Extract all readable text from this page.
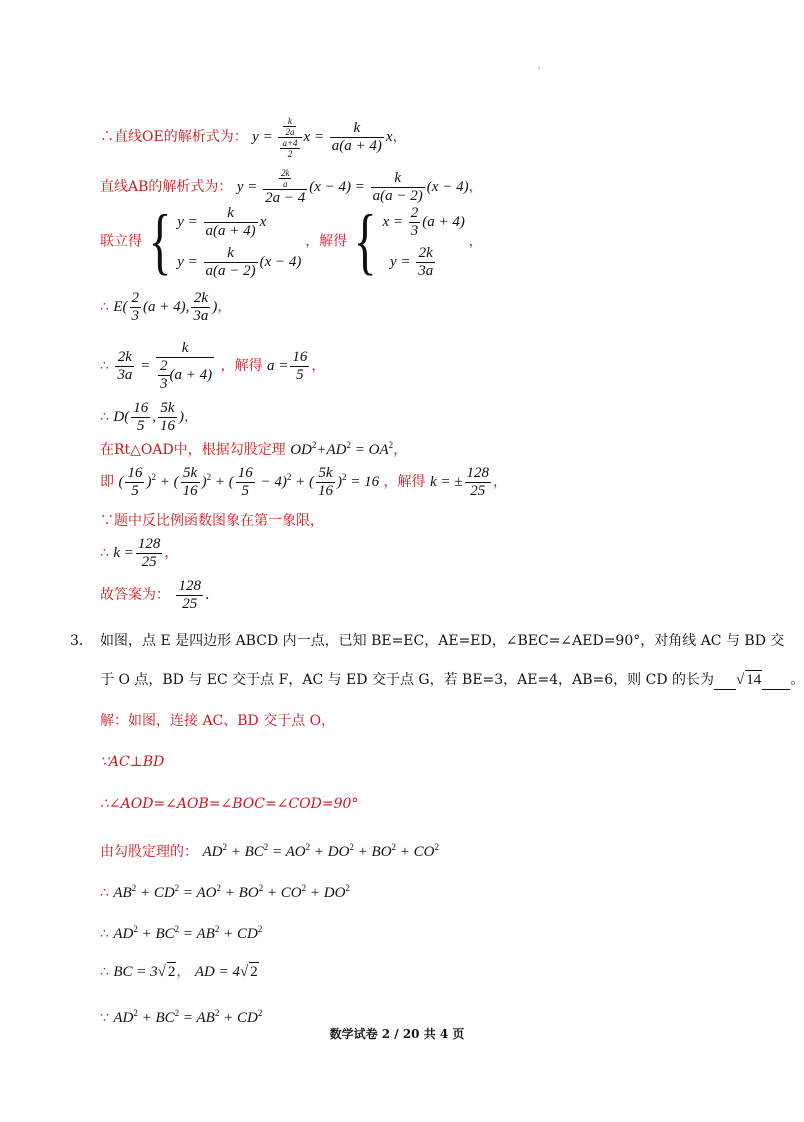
∴直线OE的解析式为： $y = \frac{\frac{k}{2a}}{\frac{a+4}{2}}$ $x = \frac{k}{a(a + 4)}$ x，
直线AB的解析式为： $y = \frac{\frac{2k}{a}}{2a - 4} (x - 4) = \frac{k}{a(a - 2)} (x - 4)$，
联立得 { $y = \frac{k}{a(a + 4)}$ x
$y = \frac{k}{a(a - 2)} (x - 4)$
，解得 { $x = \frac{2}{3} (a + 4)$
$y = \frac{2k}{3a}$
，
∴ $E( \frac{2}{3} (a + 4)$, $\frac{2k}{3a}$ )，
∴ $\frac{2k}{3a} = \frac{k}{\frac{2}{3} (a + 4)}$ ，解得 $a = \frac{16}{5}$ ，
∴ $D( \frac{16}{5}$ , $\frac{5k}{16}$ )，
在Rt△OAD中，根据勾股定理 $OD^2+AD^2 = OA^2$，
即 ( $\frac{16}{5} )^2$ + ( $\frac{5k}{16} )^2$ + ( $\frac{16}{5} - 4)^2$ + ( $\frac{5k}{16} )^2 = 16$ ，解得 k = ± $\frac{128}{25}$ ，
∵题中反比例函数图象在第一象限，
∴ $k = \frac{128}{25}$ ，
故答案为： $\frac{128}{25}$ .
3. 如图，点 E 是四边形 ABCD 内一点，已知 BE=EC，AE=ED，∠BEC=∠AED=90°，对角线 AC 与 BD 交
于 O 点，BD 与 EC 交于点 F，AC 与 ED 交于点 G，若 BE=3，AE=4，AB=6，则 CD 的长为 √ 14 。
解：如图，连接 AC、BD 交于点 O，
∵AC⊥BD
∴∠AOD=∠AOB=∠BOC=∠COD=90°
由勾股定理的： $AD^2 + BC^2 = AO^2 + DO^2 + BO^2 + CO^2$
∴ $AB^2 + CD^2 = AO^2 + BO^2 + CO^2 + DO^2$
∴ $AD^2 + BC^2 = AB^2 + CD^2$
∴ BC = 3√ 2， AD = 4√ 2
∵ $AD^2 + BC^2 = AB^2 + CD^2$
数学试卷 2 / 20 共 4 页
